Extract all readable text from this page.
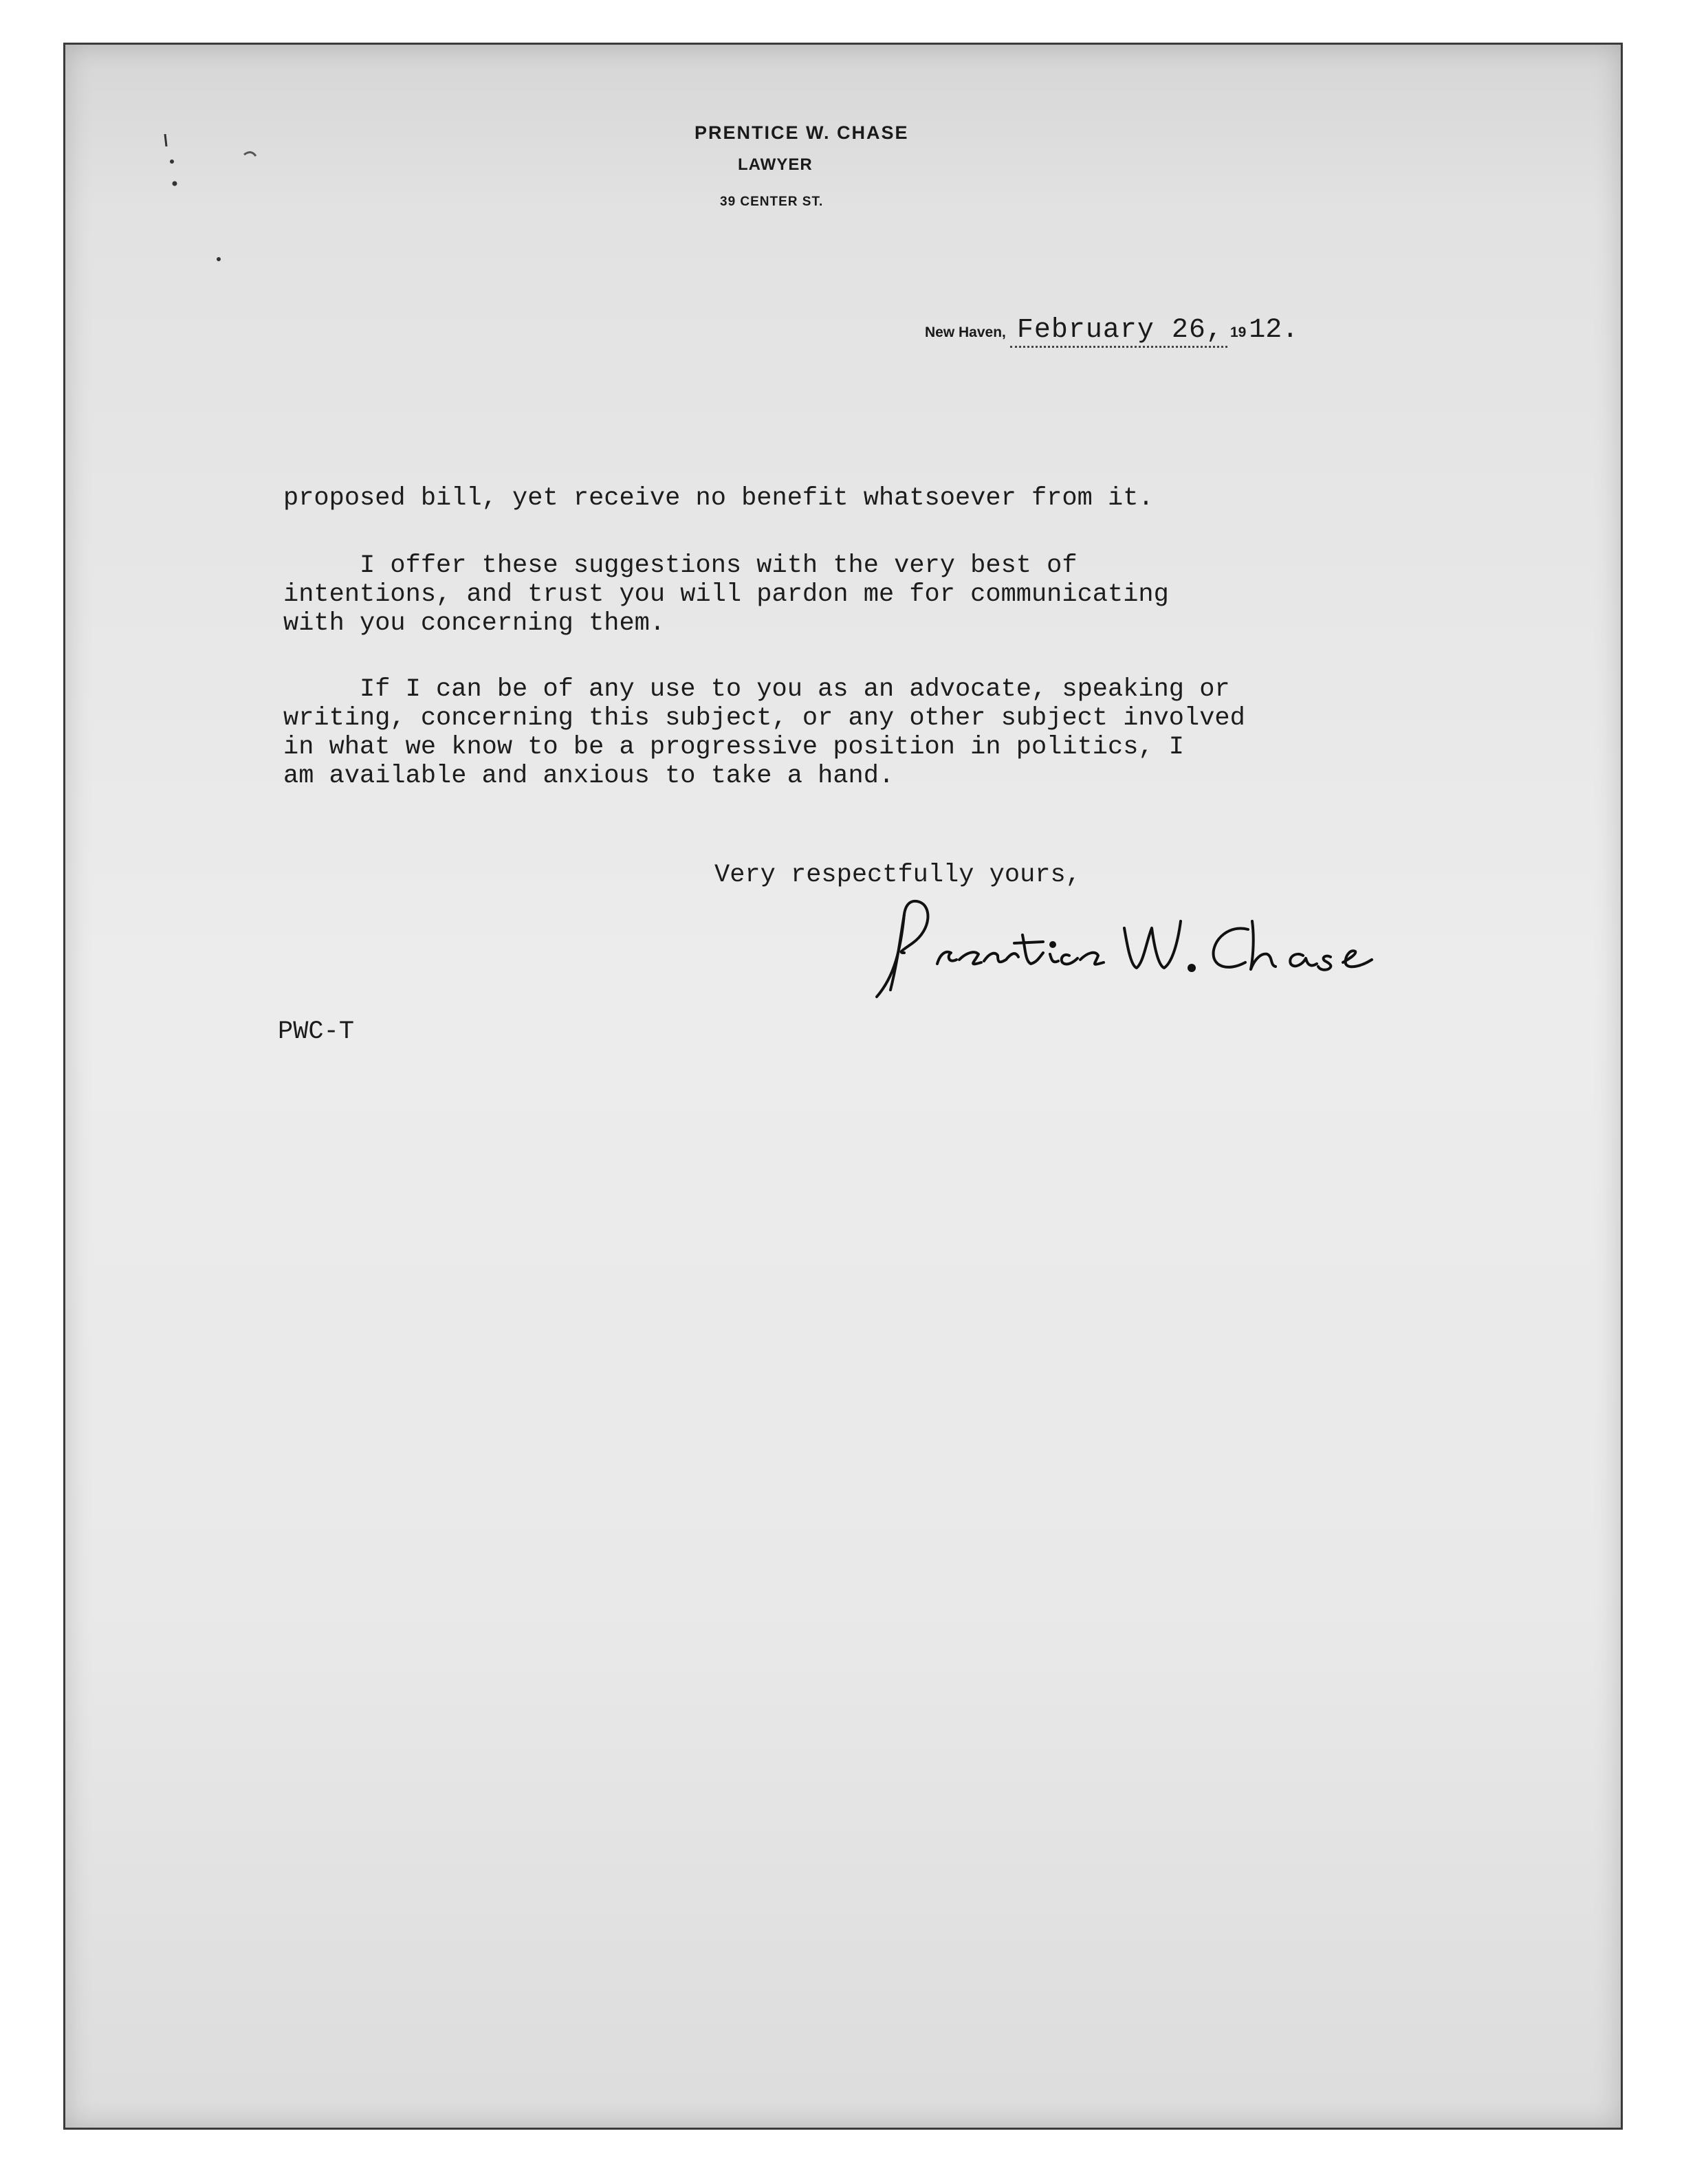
PRENTICE W. CHASE
LAWYER
39 CENTER ST.
New Haven, February 26, 19 12.
proposed bill, yet receive no benefit whatsoever from it.
I offer these suggestions with the very best of
intentions, and trust you will pardon me for communicating
with you concerning them.
If I can be of any use to you as an advocate, speaking or
writing, concerning this subject, or any other subject involved
in what we know to be a progressive position in politics, I
am available and anxious to take a hand.
Very respectfully yours,
PWC-T
